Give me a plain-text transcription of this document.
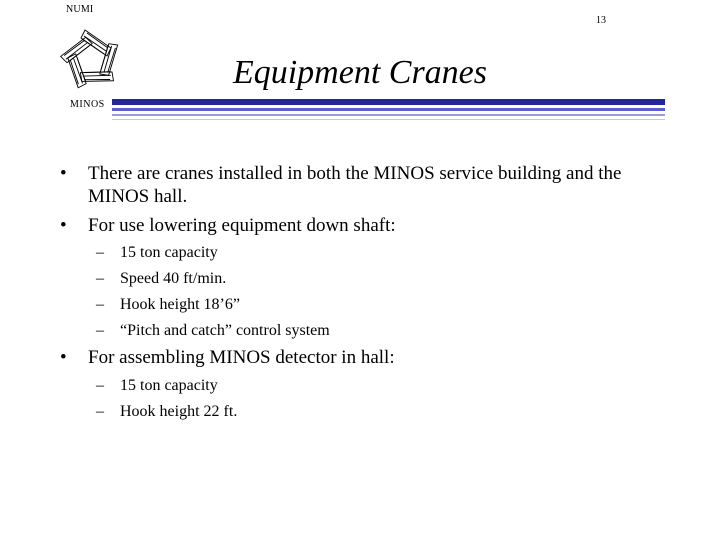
NUMI
13
MINOS
Equipment Cranes
• There are cranes installed in both the MINOS service building and the MINOS hall.
• For use lowering equipment down shaft:
– 15 ton capacity
– Speed 40 ft/min.
– Hook height 18’6”
– “Pitch and catch” control system
• For assembling MINOS detector in hall:
– 15 ton capacity
– Hook height 22 ft.
